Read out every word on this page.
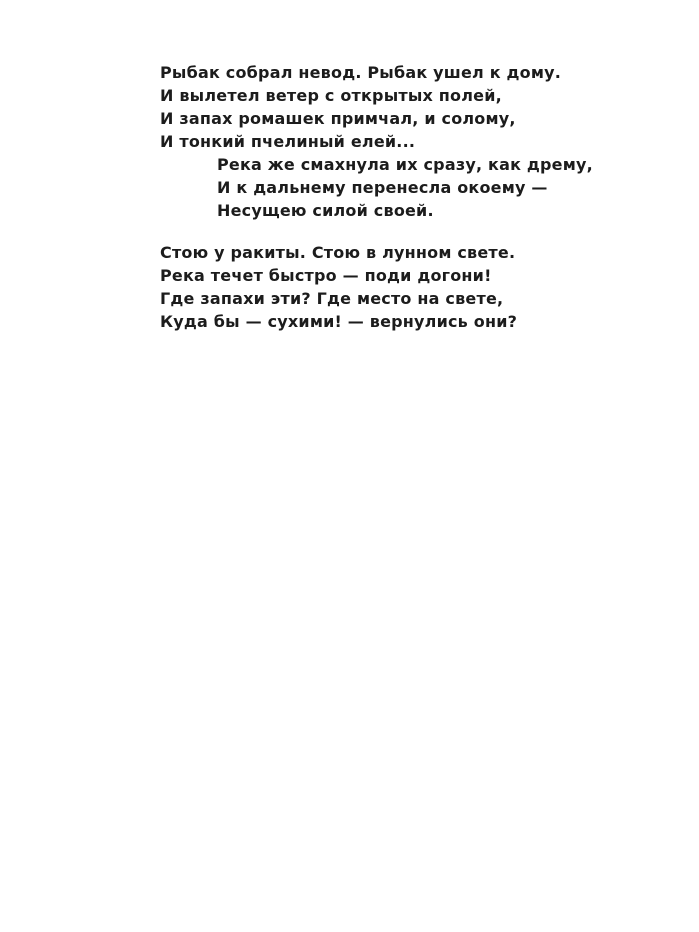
Рыбак собрал невод. Рыбак ушел к дому.
И вылетел ветер с открытых полей,
И запах ромашек примчал, и солому,
И тонкий пчелиный елей...
Река же смахнула их сразу, как дрему,
И к дальнему перенесла окоему —
Несущею силой своей.
Стою у ракиты. Стою в лунном свете.
Река течет быстро — поди догони!
Где запахи эти? Где место на свете,
Куда бы — сухими! — вернулись они?
